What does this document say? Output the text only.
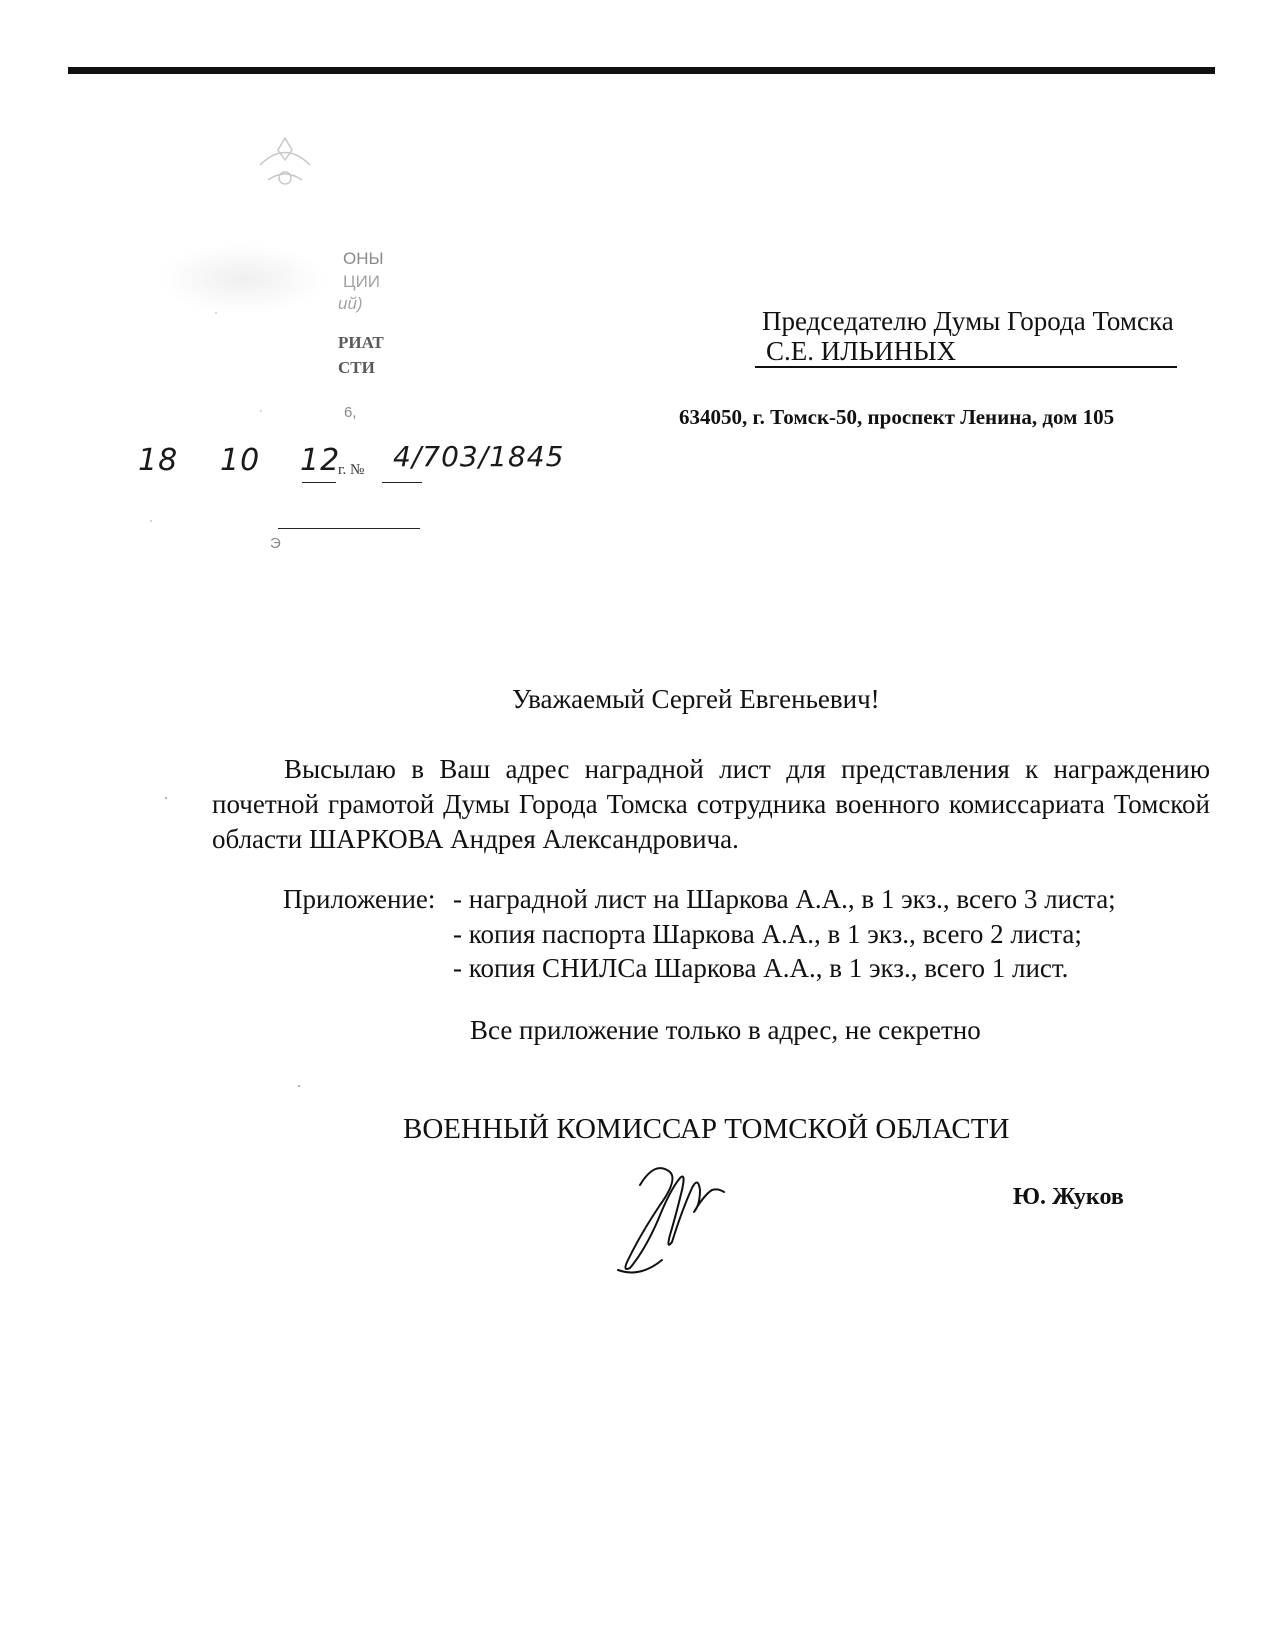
ОНЫ
ЦИИ
ий)
РИАТ
СТИ
6,
Э
18 10 12
г. № 4/703/1845
Председателю Думы Города Томска
С.Е. ИЛЬИНЫХ
634050, г. Томск-50, проспект Ленина, дом 105
Уважаемый Сергей Евгеньевич!

Высылаю в Ваш адрес наградной лист для представления к награждению почетной грамотой Думы Города Томска сотрудника военного комиссариата Томской области ШАРКОВА Андрея Александровича.

Приложение: - наградной лист на Шаркова А.А., в 1 экз., всего 3 листа;
- копия паспорта Шаркова А.А., в 1 экз., всего 2 листа;
- копия СНИЛСа Шаркова А.А., в 1 экз., всего 1 лист.
Все приложение только в адрес, не секретно
ВОЕННЫЙ КОМИССАР ТОМСКОЙ ОБЛАСТИ
Ю. Жуков
